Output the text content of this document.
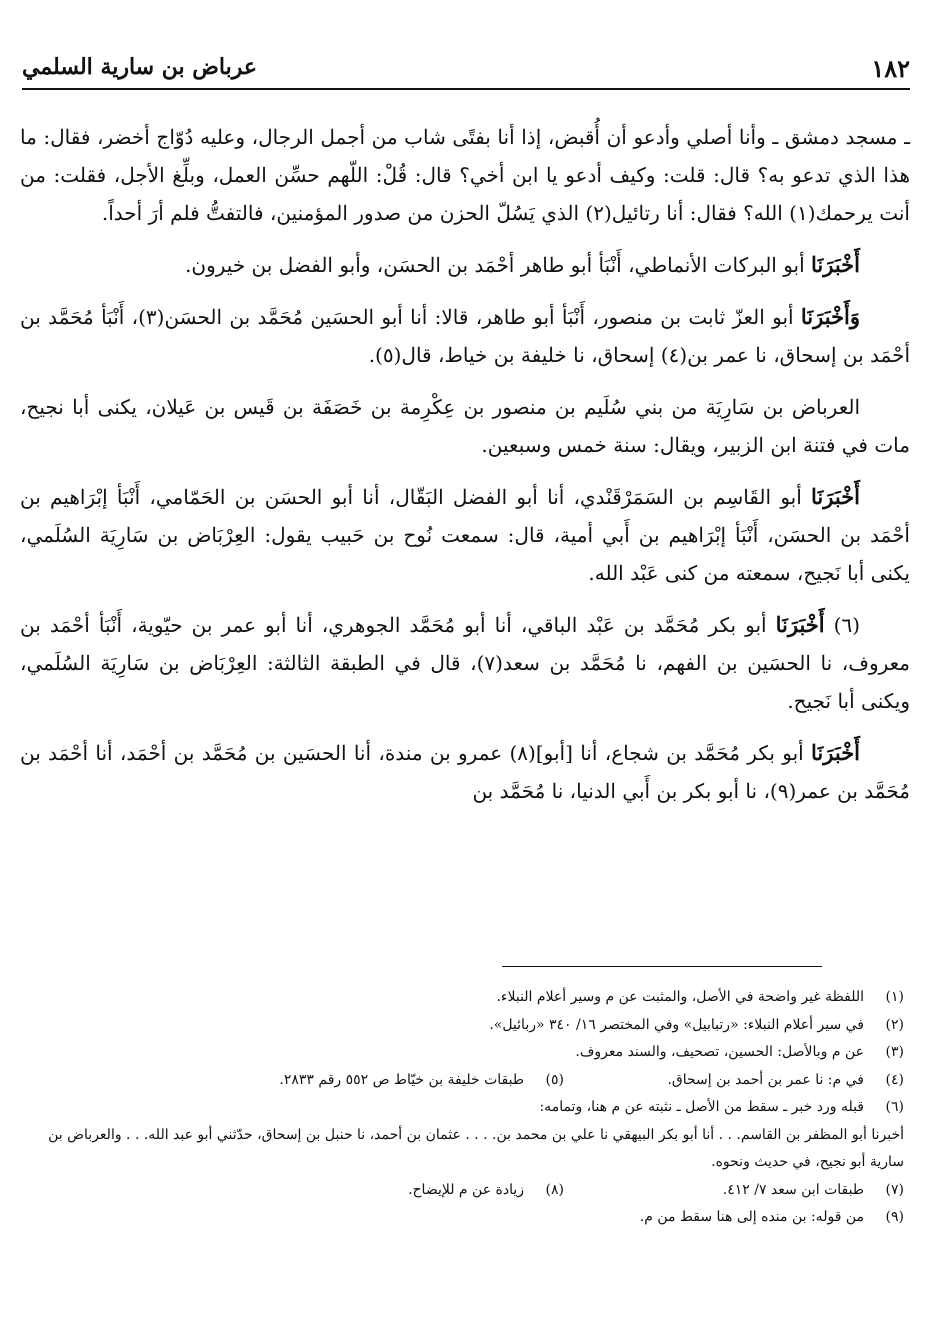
١٨٢
عرباض بن سارية السلمي

ـ مسجد دمشق ـ وأنا أصلي وأدعو أن أُقبض، إذا أنا بفتًى شاب من أجمل الرجال، وعليه دُوّاج أخضر، فقال: ما هذا الذي تدعو به؟ قال: قلت: وكيف أدعو يا ابن أخي؟ قال: قُلْ: اللّهم حسِّن العمل، وبلِّغ الأجل، فقلت: من أنت يرحمك(١) الله؟ فقال: أنا رتائيل(٢) الذي يَسُلّ الحزن من صدور المؤمنين، فالتفتُّ فلم أرَ أحداً.

أَخْبَرَنَا أبو البركات الأنماطي، أَنْبَأ أبو طاهر أحْمَد بن الحسَن، وأبو الفضل بن خيرون.

وَأَخْبَرَنَا أبو العزّ ثابت بن منصور، أَنْبَأ أبو طاهر، قالا: أنا أبو الحسَين مُحَمَّد بن الحسَن(٣)، أَنْبَأ مُحَمَّد بن أحْمَد بن إسحاق، نا عمر بن(٤) إسحاق، نا خليفة بن خياط، قال(٥).

العرباض بن سَارِيَة من بني سُلَيم بن منصور بن عِكْرِمة بن خَصَفَة بن قَيس بن عَيلان، يكنى أبا نجيح، مات في فتنة ابن الزبير، ويقال: سنة خمس وسبعين.

أَخْبَرَنَا أبو القَاسِم بن السَمَرْقَنْدي، أنا أبو الفضل البَقّال، أنا أبو الحسَن بن الحَمّامي، أَنْبَأ إبْرَاهيم بن أحْمَد بن الحسَن، أَنْبَأ إبْرَاهيم بن أَبي أمية، قال: سمعت نُوح بن حَبيب يقول: العِرْبَاض بن سَارِيَة السُلَمي، يكنى أبا نَجيح، سمعته من كنى عَبْد الله.

(٦) أَخْبَرَنَا أبو بكر مُحَمَّد بن عَبْد الباقي، أنا أبو مُحَمَّد الجوهري، أنا أبو عمر بن حيّوية، أَنْبَأ أحْمَد بن معروف، نا الحسَين بن الفهم، نا مُحَمَّد بن سعد(٧)، قال في الطبقة الثالثة: العِرْبَاض بن سَارِيَة السُلَمي، ويكنى أبا نَجيح.

أَخْبَرَنَا أبو بكر مُحَمَّد بن شجاع، أنا [أبو](٨) عمرو بن مندة، أنا الحسَين بن مُحَمَّد بن أحْمَد، أنا أحْمَد بن مُحَمَّد بن عمر(٩)، نا أبو بكر بن أَبي الدنيا، نا مُحَمَّد بن

(١)
اللفظة غير واضحة في الأصل، والمثبت عن م وسير أعلام النبلاء.
(٢)
في سير أعلام النبلاء: «رتبابيل» وفي المختصر ١٦/ ٣٤٠ «ربائيل».
(٣)
عن م وبالأصل: الحسين، تصحيف، والسند معروف.
(٤)
في م: نا عمر بن أحمد بن إسحاق.
(٥)
طبقات خليفة بن خيّاط ص ٥٥٢ رقم ٢٨٣٣.
(٦)
قبله ورد خبر ـ سقط من الأصل ـ نثبته عن م هنا، وتمامه:
أخبرنا أبو المظفر بن القاسم. . . أنا أبو بكر البيهقي نا علي بن محمد بن. . . . عثمان بن أحمد، نا حنبل بن إسحاق، حدّثني أبو عبد الله. . . والعرباض بن سارية أبو نجيح، في حديث ونحوه.
(٧)
طبقات ابن سعد ٧/ ٤١٢.
(٨)
زيادة عن م للإيضاح.
(٩)
من قوله: بن منده إلى هنا سقط من م.
